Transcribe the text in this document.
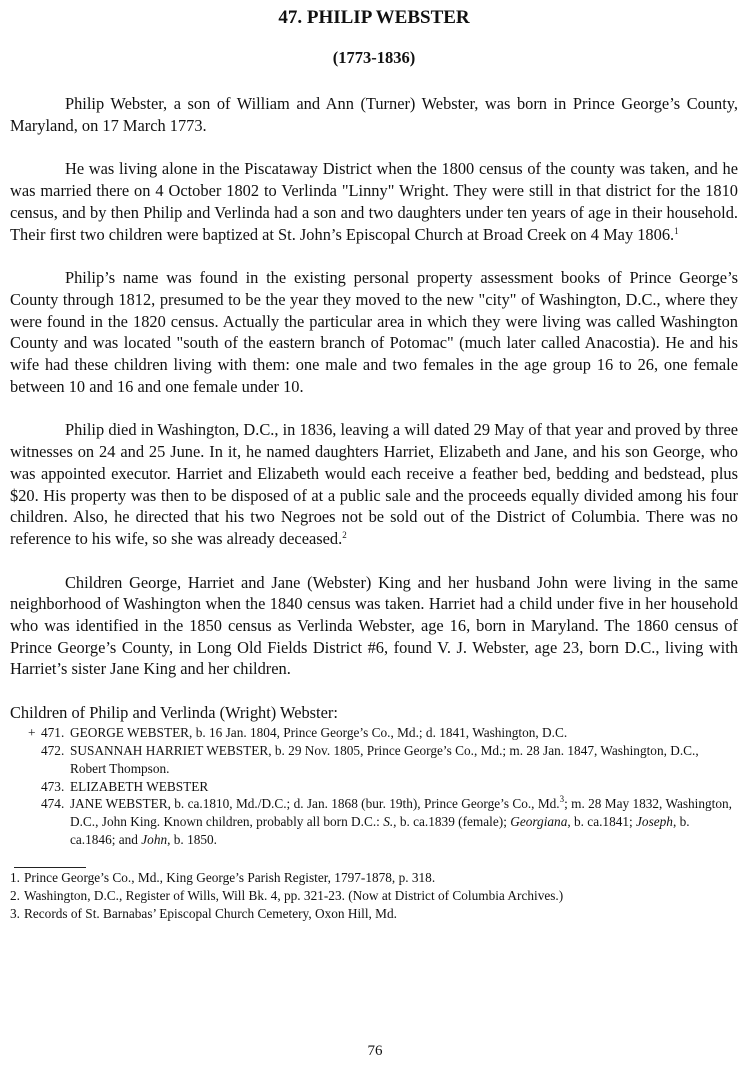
47. PHILIP WEBSTER
(1773-1836)

Philip Webster, a son of William and Ann (Turner) Webster, was born in Prince George’s County, Maryland, on 17 March 1773.

He was living alone in the Piscataway District when the 1800 census of the county was taken, and he was married there on 4 October 1802 to Verlinda "Linny" Wright. They were still in that district for the 1810 census, and by then Philip and Verlinda had a son and two daughters under ten years of age in their household. Their first two children were baptized at St. John’s Episcopal Church at Broad Creek on 4 May 1806.$^1$

Philip’s name was found in the existing personal property assessment books of Prince George’s County through 1812, presumed to be the year they moved to the new "city" of Washington, D.C., where they were found in the 1820 census. Actually the particular area in which they were living was called Washington County and was located "south of the eastern branch of Potomac" (much later called Anacostia). He and his wife had these children living with them: one male and two females in the age group 16 to 26, one female between 10 and 16 and one female under 10.

Philip died in Washington, D.C., in 1836, leaving a will dated 29 May of that year and proved by three witnesses on 24 and 25 June. In it, he named daughters Harriet, Elizabeth and Jane, and his son George, who was appointed executor. Harriet and Elizabeth would each receive a feather bed, bedding and bedstead, plus $20. His property was then to be disposed of at a public sale and the proceeds equally divided among his four children. Also, he directed that his two Negroes not be sold out of the District of Columbia. There was no reference to his wife, so she was already deceased.$^2$

Children George, Harriet and Jane (Webster) King and her husband John were living in the same neighborhood of Washington when the 1840 census was taken. Harriet had a child under five in her household who was identified in the 1850 census as Verlinda Webster, age 16, born in Maryland. The 1860 census of Prince George’s County, in Long Old Fields District #6, found V. J. Webster, age 23, born D.C., living with Harriet’s sister Jane King and her children.

Children of Philip and Verlinda (Wright) Webster:

+ 471. GEORGE WEBSTER, b. 16 Jan. 1804, Prince George’s Co., Md.; d. 1841, Washington, D.C.
472. SUSANNAH HARRIET WEBSTER, b. 29 Nov. 1805, Prince George’s Co., Md.; m. 28 Jan. 1847, Washington, D.C., Robert Thompson.
473. ELIZABETH WEBSTER
474. JANE WEBSTER, b. ca.1810, Md./D.C.; d. Jan. 1868 (bur. 19th), Prince George’s Co., Md.$^3$; m. 28 May 1832, Washington, D.C., John King. Known children, probably all born D.C.: S., b. ca.1839 (female); Georgiana, b. ca.1841; Joseph, b. ca.1846; and John, b. 1850.
1. Prince George’s Co., Md., King George’s Parish Register, 1797-1878, p. 318.
2. Washington, D.C., Register of Wills, Will Bk. 4, pp. 321-23. (Now at District of Columbia Archives.)
3. Records of St. Barnabas’ Episcopal Church Cemetery, Oxon Hill, Md.
76
